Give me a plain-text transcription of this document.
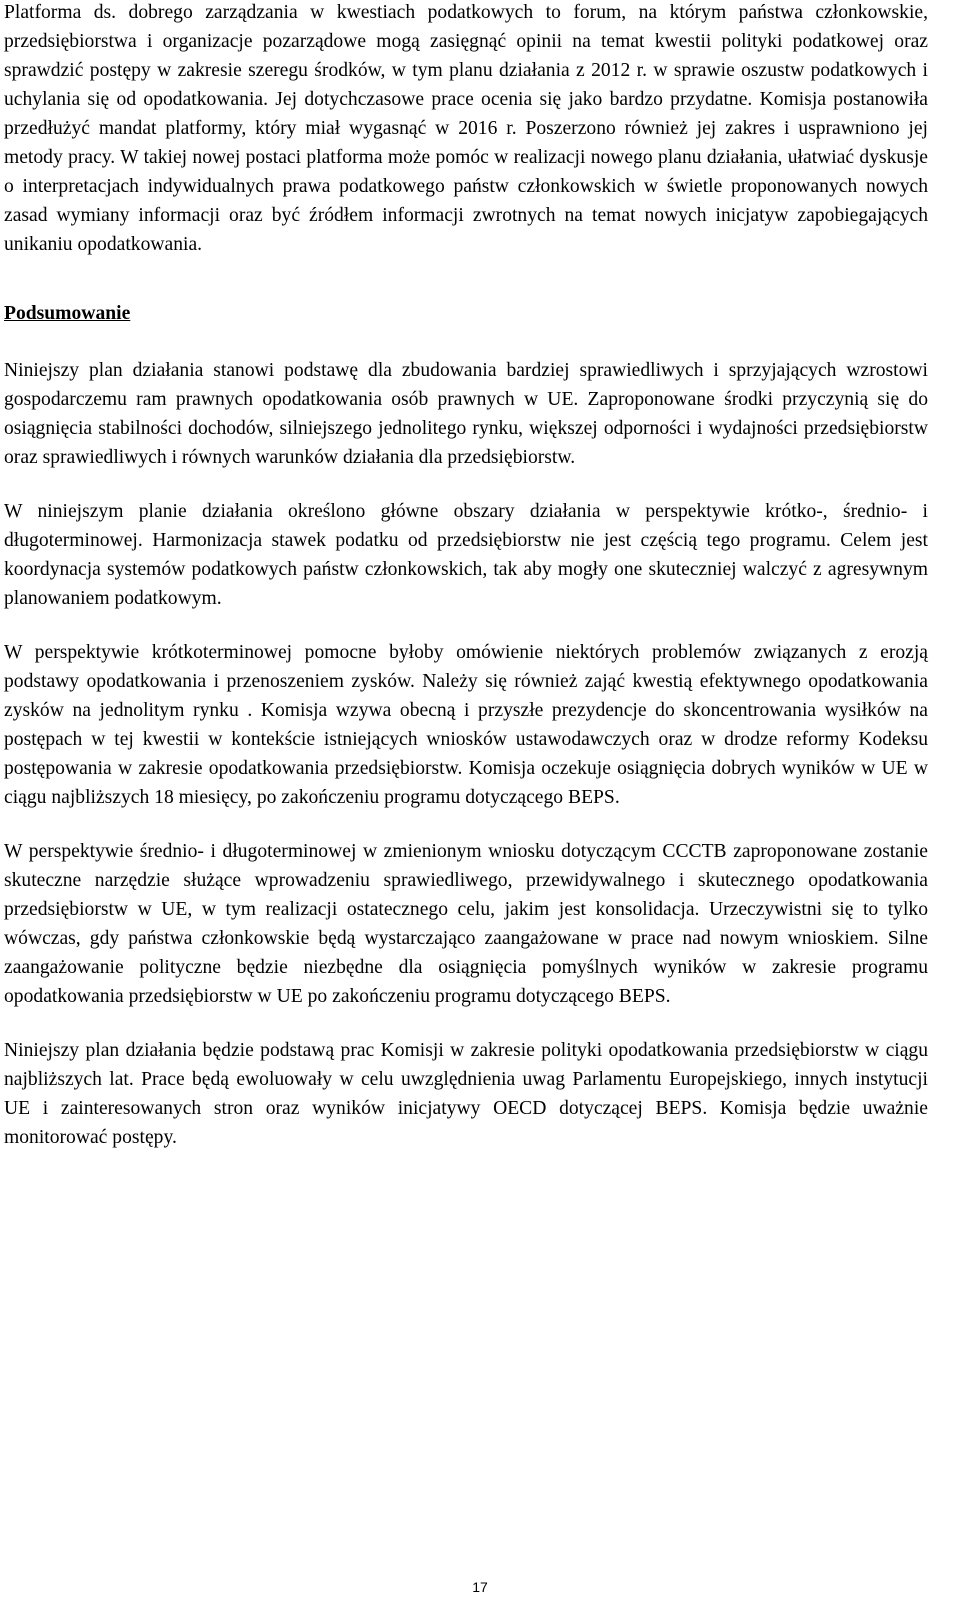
Platforma ds. dobrego zarządzania w kwestiach podatkowych to forum, na którym państwa członkowskie, przedsiębiorstwa i organizacje pozarządowe mogą zasięgnąć opinii na temat kwestii polityki podatkowej oraz sprawdzić postępy w zakresie szeregu środków, w tym planu działania z 2012 r. w sprawie oszustw podatkowych i uchylania się od opodatkowania. Jej dotychczasowe prace ocenia się jako bardzo przydatne. Komisja postanowiła przedłużyć mandat platformy, który miał wygasnąć w 2016 r. Poszerzono również jej zakres i usprawniono jej metody pracy. W takiej nowej postaci platforma może pomóc w realizacji nowego planu działania, ułatwiać dyskusje o interpretacjach indywidualnych prawa podatkowego państw członkowskich w świetle proponowanych nowych zasad wymiany informacji oraz być źródłem informacji zwrotnych na temat nowych inicjatyw zapobiegających unikaniu opodatkowania.

Podsumowanie

Niniejszy plan działania stanowi podstawę dla zbudowania bardziej sprawiedliwych i sprzyjających wzrostowi gospodarczemu ram prawnych opodatkowania osób prawnych w UE. Zaproponowane środki przyczynią się do osiągnięcia stabilności dochodów, silniejszego jednolitego rynku, większej odporności i wydajności przedsiębiorstw oraz sprawiedliwych i równych warunków działania dla przedsiębiorstw.

W niniejszym planie działania określono główne obszary działania w perspektywie krótko-, średnio- i długoterminowej. Harmonizacja stawek podatku od przedsiębiorstw nie jest częścią tego programu. Celem jest koordynacja systemów podatkowych państw członkowskich, tak aby mogły one skuteczniej walczyć z agresywnym planowaniem podatkowym.

W perspektywie krótkoterminowej pomocne byłoby omówienie niektórych problemów związanych z erozją podstawy opodatkowania i przenoszeniem zysków. Należy się również zająć kwestią efektywnego opodatkowania zysków na jednolitym rynku . Komisja wzywa obecną i przyszłe prezydencje do skoncentrowania wysiłków na postępach w tej kwestii w kontekście istniejących wniosków ustawodawczych oraz w drodze reformy Kodeksu postępowania w zakresie opodatkowania przedsiębiorstw. Komisja oczekuje osiągnięcia dobrych wyników w UE w ciągu najbliższych 18 miesięcy, po zakończeniu programu dotyczącego BEPS.

W perspektywie średnio- i długoterminowej w zmienionym wniosku dotyczącym CCCTB zaproponowane zostanie skuteczne narzędzie służące wprowadzeniu sprawiedliwego, przewidywalnego i skutecznego opodatkowania przedsiębiorstw w UE, w tym realizacji ostatecznego celu, jakim jest konsolidacja. Urzeczywistni się to tylko wówczas, gdy państwa członkowskie będą wystarczająco zaangażowane w prace nad nowym wnioskiem. Silne zaangażowanie polityczne będzie niezbędne dla osiągnięcia pomyślnych wyników w zakresie programu opodatkowania przedsiębiorstw w UE po zakończeniu programu dotyczącego BEPS.

Niniejszy plan działania będzie podstawą prac Komisji w zakresie polityki opodatkowania przedsiębiorstw w ciągu najbliższych lat. Prace będą ewoluowały w celu uwzględnienia uwag Parlamentu Europejskiego, innych instytucji UE i zainteresowanych stron oraz wyników inicjatywy OECD dotyczącej BEPS. Komisja będzie uważnie monitorować postępy.

17
